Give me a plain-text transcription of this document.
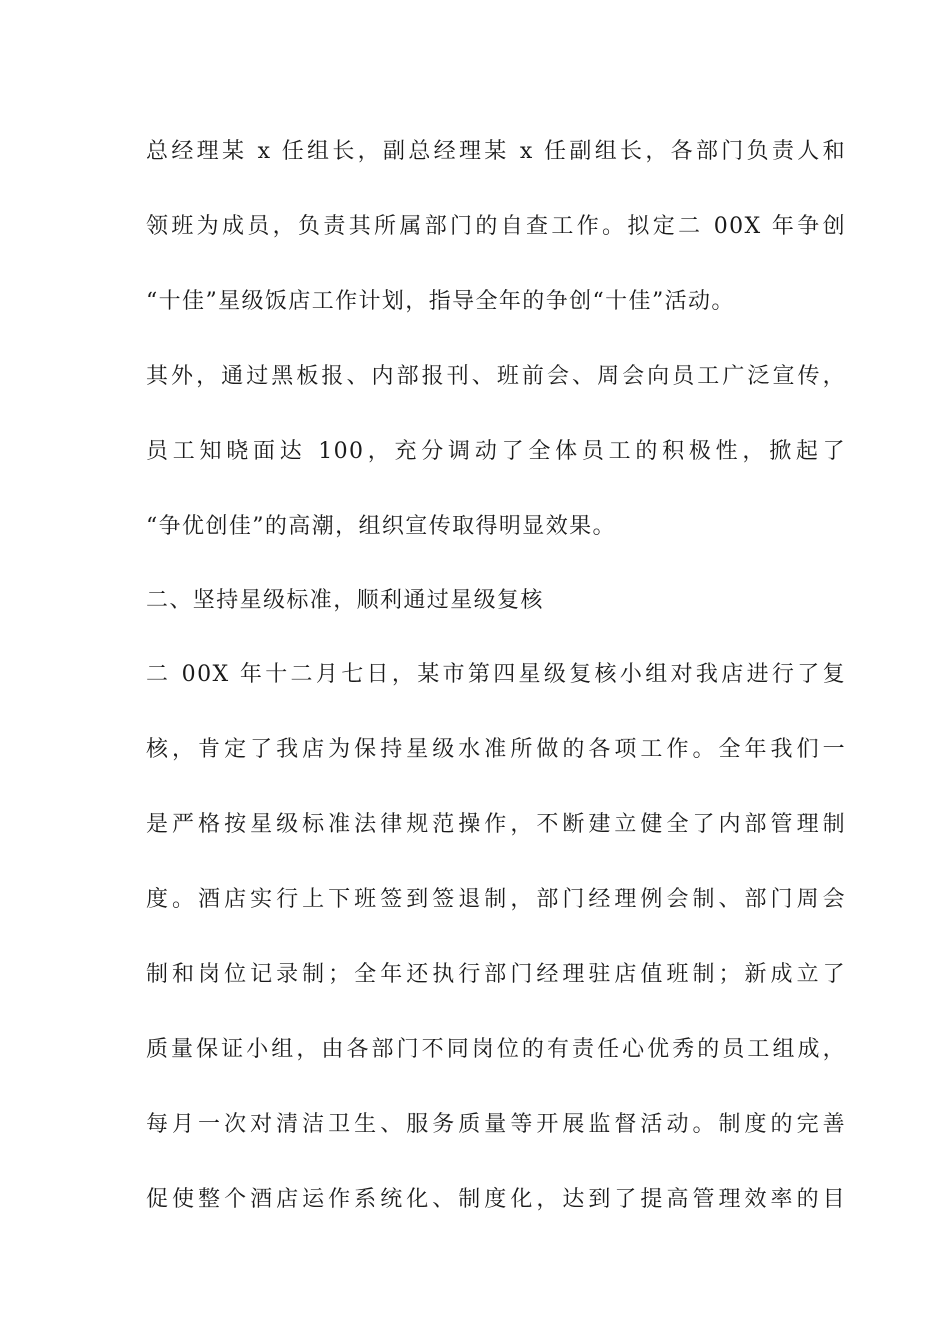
总经理某 x 任组长，副总经理某 x 任副组长，各部门负责人和
领班为成员，负责其所属部门的自查工作。拟定二 00X 年争创
“十佳”星级饭店工作计划，指导全年的争创“十佳”活动。
其外，通过黑板报、内部报刊、班前会、周会向员工广泛宣传，
员工知晓面达 100，充分调动了全体员工的积极性，掀起了
“争优创佳”的高潮，组织宣传取得明显效果。
二、坚持星级标准，顺利通过星级复核
二 00X 年十二月七日，某市第四星级复核小组对我店进行了复
核，肯定了我店为保持星级水准所做的各项工作。全年我们一
是严格按星级标准法律规范操作，不断建立健全了内部管理制
度。酒店实行上下班签到签退制，部门经理例会制、部门周会
制和岗位记录制；全年还执行部门经理驻店值班制；新成立了
质量保证小组，由各部门不同岗位的有责任心优秀的员工组成，
每月一次对清洁卫生、服务质量等开展监督活动。制度的完善
促使整个酒店运作系统化、制度化，达到了提高管理效率的目
